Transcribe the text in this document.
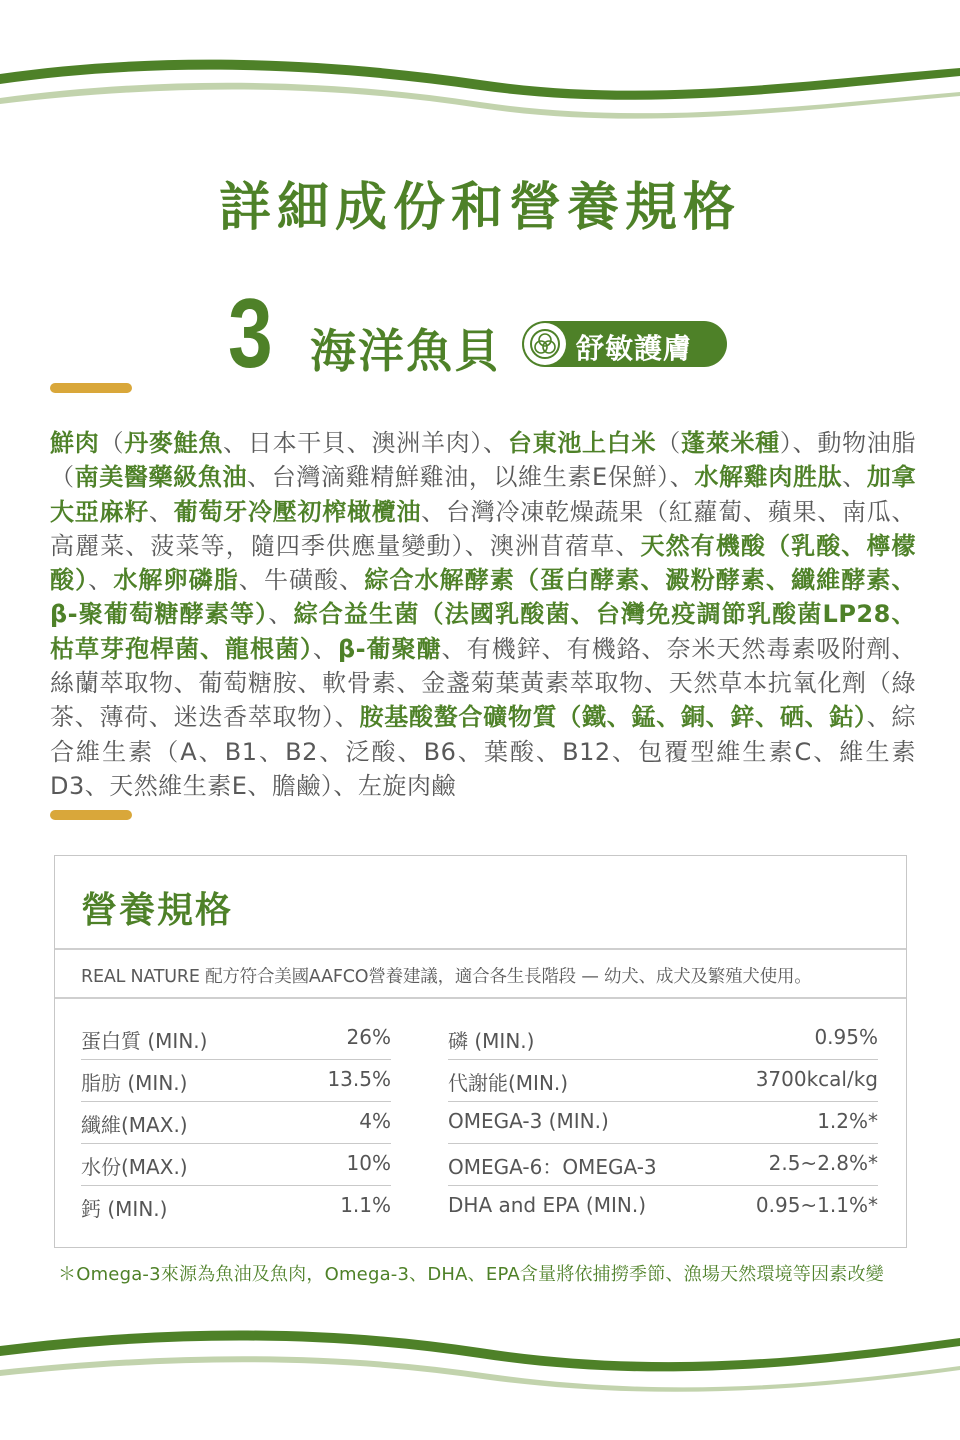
詳細成份和營養規格
3 海洋魚貝	舒敏護膚

鮮肉（丹麥鮭魚、日本干貝、澳洲羊肉）、台東池上白米（蓬萊米種）、動物油脂（南美醫藥級魚油、台灣滴雞精鮮雞油，以維生素E保鮮）、水解雞肉胜肽、加拿大亞麻籽、葡萄牙冷壓初榨橄欖油、台灣冷凍乾燥蔬果（紅蘿蔔、蘋果、南瓜、高麗菜、菠菜等，隨四季供應量變動）、澳洲苜蓿草、天然有機酸（乳酸、檸檬酸）、水解卵磷脂、牛磺酸、綜合水解酵素（蛋白酵素、澱粉酵素、纖維酵素、β-聚葡萄糖酵素等）、綜合益生菌（法國乳酸菌、台灣免疫調節乳酸菌LP28、枯草芽孢桿菌、龍根菌）、β-葡聚醣、有機鋅、有機鉻、奈米天然毒素吸附劑、絲蘭萃取物、葡萄糖胺、軟骨素、金盞菊葉黃素萃取物、天然草本抗氧化劑（綠茶、薄荷、迷迭香萃取物）、胺基酸螯合礦物質（鐵、錳、銅、鋅、硒、鈷）、綜合維生素（A、B1、B2、泛酸、B6、葉酸、B12、包覆型維生素C、維生素D3、天然維生素E、膽鹼）、左旋肉鹼

營養規格
REAL NATURE 配方符合美國AAFCO營養建議，適合各生長階段 — 幼犬、成犬及繁殖犬使用。
蛋白質 (MIN.)	26%
脂肪 (MIN.)	13.5%
纖維(MAX.)	4%
水份(MAX.)	10%
鈣 (MIN.)	1.1%
磷 (MIN.)	0.95%
代謝能(MIN.)	3700kcal/kg
OMEGA-3 (MIN.)	1.2%*
OMEGA-6：OMEGA-3	2.5~2.8%*
DHA and EPA (MIN.)	0.95~1.1%*

＊Omega-3來源為魚油及魚肉，Omega-3、DHA、EPA含量將依捕撈季節、漁場天然環境等因素改變
